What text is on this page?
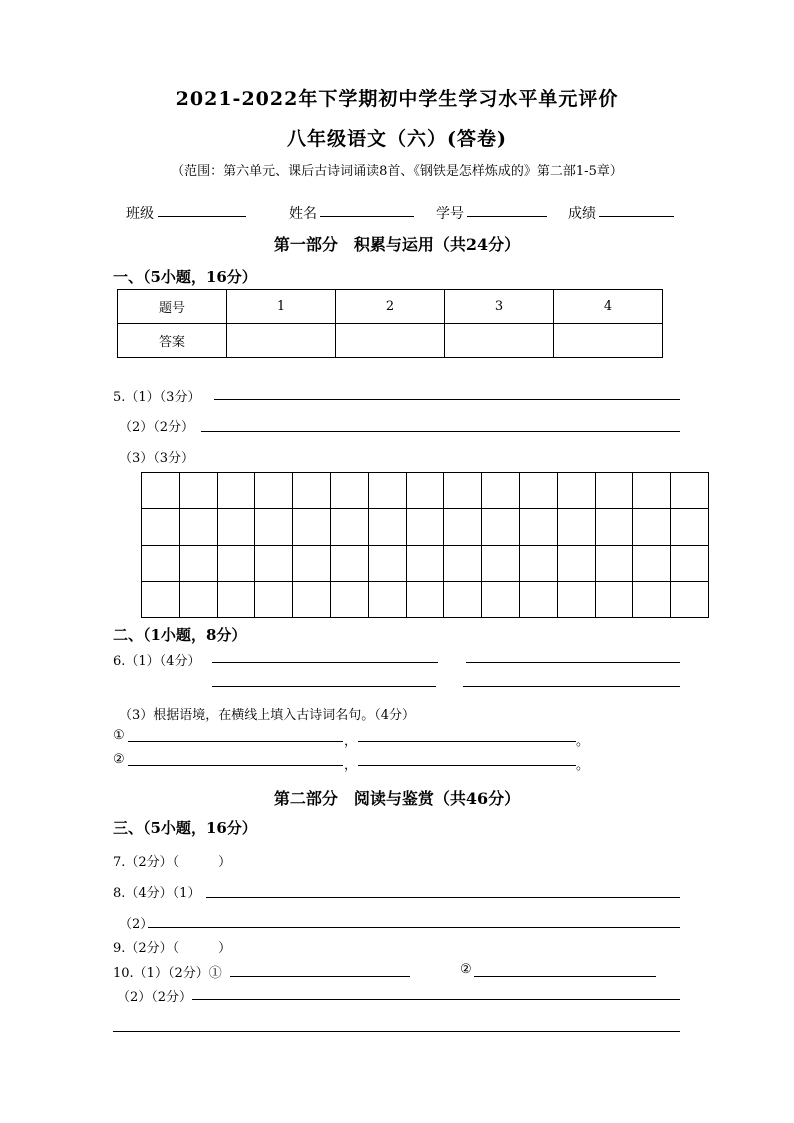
2021-2022年下学期初中学生学习水平单元评价
八年级语文（六）(答卷)
（范围：第六单元、课后古诗词诵读8首、《钢铁是怎样炼成的》第二部1-5章）
班级	姓名	学号	成绩
第一部分　积累与运用（共24分）
一、（5小题，16分）
题号	1	2	3	4
答案				
5.（1）（3分）
（2）（2分）
（3）（3分）
二、（1小题，8分）
6.（1）（4分）
（3）根据语境，在横线上填入古诗词名句。（4分）
①	，	。
②	，	。
第二部分　阅读与鉴赏（共46分）
三、（5小题，16分）
7.（2分）（　　　）
8.（4分）（1）
（2）
9.（2分）（　　　）
10.（1）（2分）①	②
（2）（2分）
